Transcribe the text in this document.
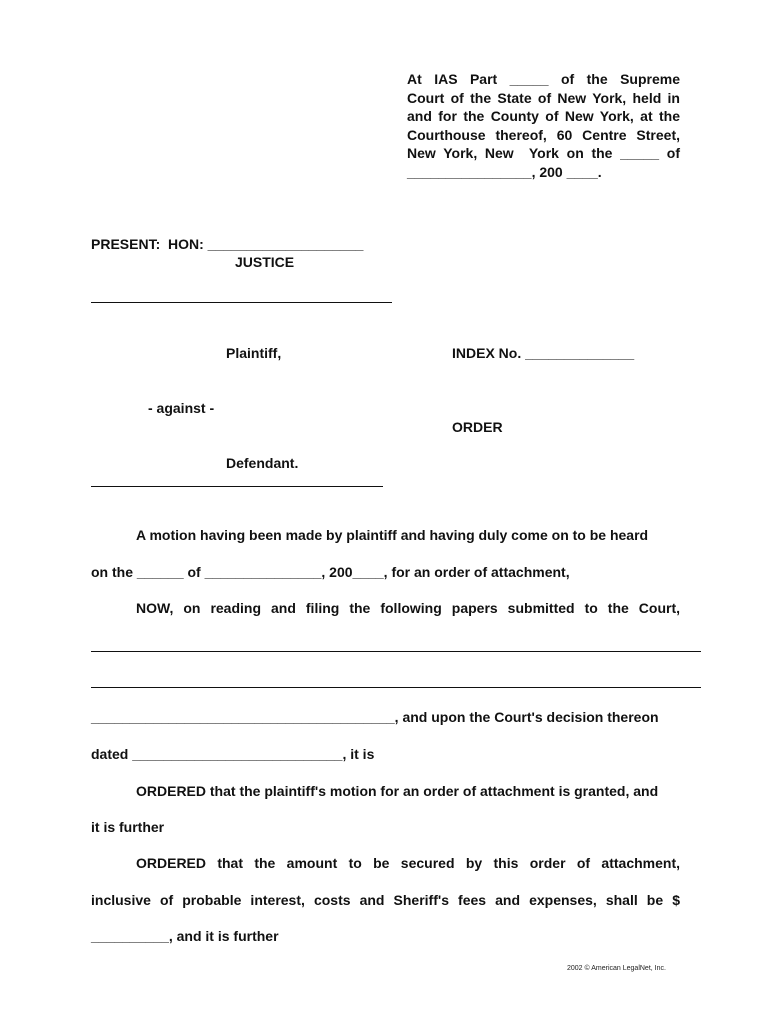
At IAS Part _____ of the Supreme
Court of the State of New York, held in
and for the County of New York, at the
Courthouse thereof, 60 Centre Street,
New York, New  York on the _____ of
________________, 200 ____.
PRESENT:  HON: ____________________
JUSTICE
Plaintiff,	INDEX No. ______________
- against -
ORDER
Defendant.
A motion having been made by plaintiff and having duly come on to be heard
on the ______ of _______________, 200____, for an order of attachment,
NOW, on reading and filing the following papers submitted to the Court,
_______________________________________, and upon the Court's decision thereon
dated ___________________________, it is
ORDERED that the plaintiff's motion for an order of attachment is granted, and
it is further
ORDERED that the amount to be secured by this order of attachment,
inclusive of probable interest, costs and Sheriff's fees and expenses, shall be $
__________, and it is further
2002 © American LegalNet, Inc.
